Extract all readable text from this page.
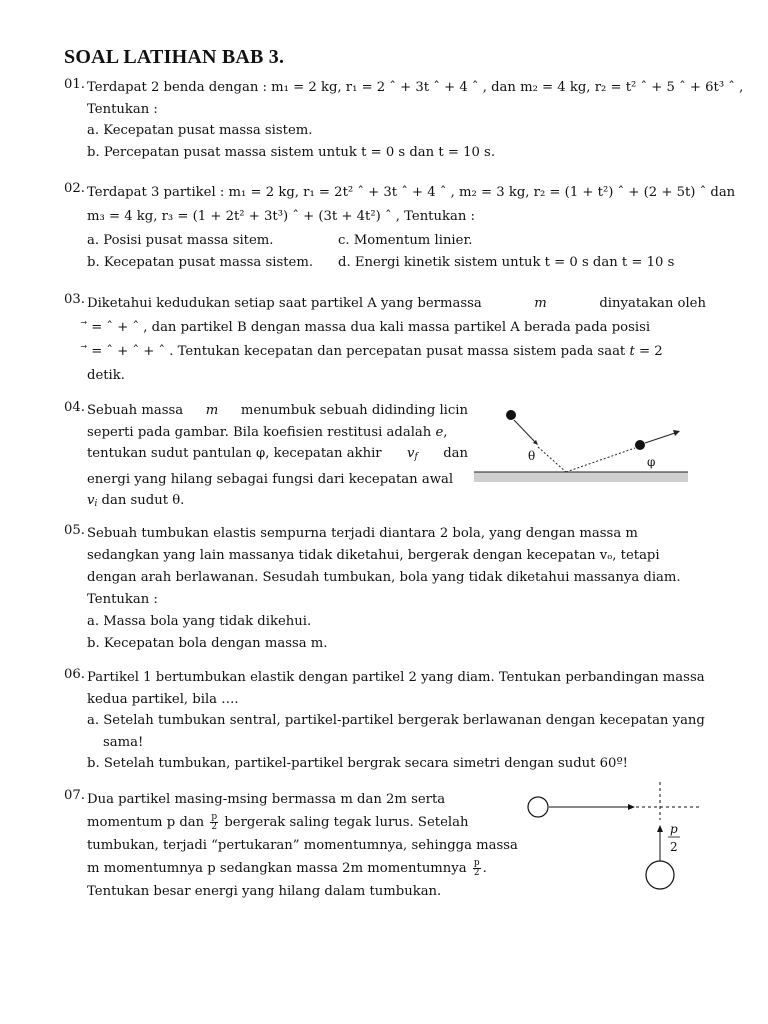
SOAL LATIHAN BAB 3.
01. Terdapat 2 benda dengan : m₁ = 2 kg, r₁ = 2 ˆ + 3t ˆ + 4 ˆ , dan m₂ = 4 kg, r₂ = t² ˆ + 5 ˆ + 6t³ ˆ ,
Tentukan :
a. Kecepatan pusat massa sistem.
b. Percepatan pusat massa sistem untuk t = 0 s dan t = 10 s.
02. Terdapat 3 partikel : m₁ = 2 kg, r₁ = 2t² ˆ + 3t ˆ + 4 ˆ , m₂ = 3 kg, r₂ = (1 + t²) ˆ + (2 + 5t) ˆ dan
m₃ = 4 kg, r₃ = (1 + 2t² + 3t³) ˆ + (3t + 4t²) ˆ , Tentukan :
a. Posisi pusat massa sitem.	c. Momentum linier.
b. Kecepatan pusat massa sistem.	d. Energi kinetik sistem untuk t = 0 s dan t = 10 s
03. Diketahui kedudukan setiap saat partikel A yang bermassa	m	dinyatakan oleh
⃗ = ˆ + ˆ , dan partikel B dengan massa dua kali massa partikel A berada pada posisi
⃗ = ˆ + ˆ + ˆ . Tentukan kecepatan dan percepatan pusat massa sistem pada saat t = 2
detik.
04. Sebuah massa m menumbuk sebuah didinding licin
seperti pada gambar. Bila koefisien restitusi adalah e,
tentukan sudut pantulan φ, kecepatan akhir $v_f$ dan
energi yang hilang sebagai fungsi dari kecepatan awal
$v_i$ dan sudut θ.
θ	φ
05. Sebuah tumbukan elastis sempurna terjadi diantara 2 bola, yang dengan massa m
sedangkan yang lain massanya tidak diketahui, bergerak dengan kecepatan vₒ, tetapi
dengan arah berlawanan. Sesudah tumbukan, bola yang tidak diketahui massanya diam.
Tentukan :
a. Massa bola yang tidak dikehui.
b. Kecepatan bola dengan massa m.
06. Partikel 1 bertumbukan elastik dengan partikel 2 yang diam. Tentukan perbandingan massa
kedua partikel, bila ….
a. Setelah tumbukan sentral, partikel-partikel bergerak berlawanan dengan kecepatan yang
sama!
b. Setelah tumbukan, partikel-partikel bergrak secara simetri dengan sudut 60º!
07. Dua partikel masing-msing bermassa m dan 2m serta
momentum p dan $\frac{p}{2}$ bergerak saling tegak lurus. Setelah
tumbukan, terjadi “pertukaran” momentumnya, sehingga massa
m momentumnya p sedangkan massa 2m momentumnya $\frac{p}{2}$ .
Tentukan besar energi yang hilang dalam tumbukan.
p
2
